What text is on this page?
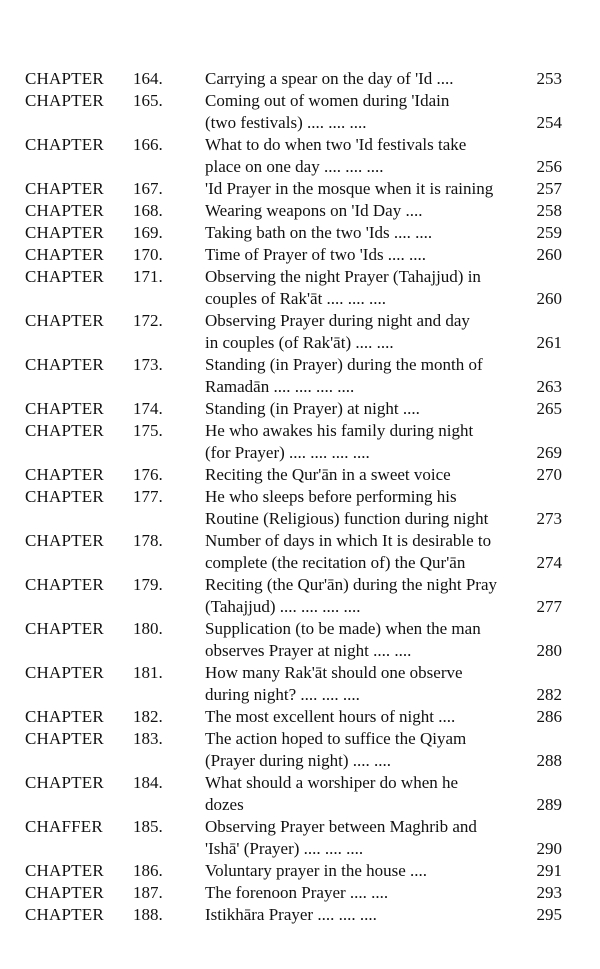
CHAPTER 164. Carrying a spear on the day of 'Id ....	253
CHAPTER 165. Coming out of women during 'Idain
(two festivals) .... .... ....	254
CHAPTER 166. What to do when two 'Id festivals take
place on one day .... .... ....	256
CHAPTER 167. 'Id Prayer in the mosque when it is raining	257
CHAPTER 168. Wearing weapons on 'Id Day ....	258
CHAPTER 169. Taking bath on the two 'Ids .... ....	259
CHAPTER 170. Time of Prayer of two 'Ids .... ....	260
CHAPTER 171. Observing the night Prayer (Tahajjud) in
couples of Rak'āt .... .... ....	260
CHAPTER 172. Observing Prayer during night and day
in couples (of Rak'āt) .... ....	261
CHAPTER 173. Standing (in Prayer) during the month of
Ramadān .... .... .... ....	263
CHAPTER 174. Standing (in Prayer) at night ....	265
CHAPTER 175. He who awakes his family during night
(for Prayer) .... .... .... ....	269
CHAPTER 176. Reciting the Qur'ān in a sweet voice	270
CHAPTER 177. He who sleeps before performing his
Routine (Religious) function during night	273
CHAPTER 178. Number of days in which It is desirable to
complete (the recitation of) the Qur'ān	274
CHAPTER 179. Reciting (the Qur'ān) during the night Pray
(Tahajjud) .... .... .... ....	277
CHAPTER 180. Supplication (to be made) when the man
observes Prayer at night .... ....	280
CHAPTER 181. How many Rak'āt should one observe
during night? .... .... ....	282
CHAPTER 182. The most excellent hours of night ....	286
CHAPTER 183. The action hoped to suffice the Qiyam
(Prayer during night) .... ....	288
CHAPTER 184. What should a worshiper do when he
dozes	289
CHAFFER 185. Observing Prayer between Maghrib and
'Ishā' (Prayer) .... .... ....	290
CHAPTER 186. Voluntary prayer in the house ....	291
CHAPTER 187. The forenoon Prayer .... ....	293
CHAPTER 188. Istikhāra Prayer .... .... ....	295
